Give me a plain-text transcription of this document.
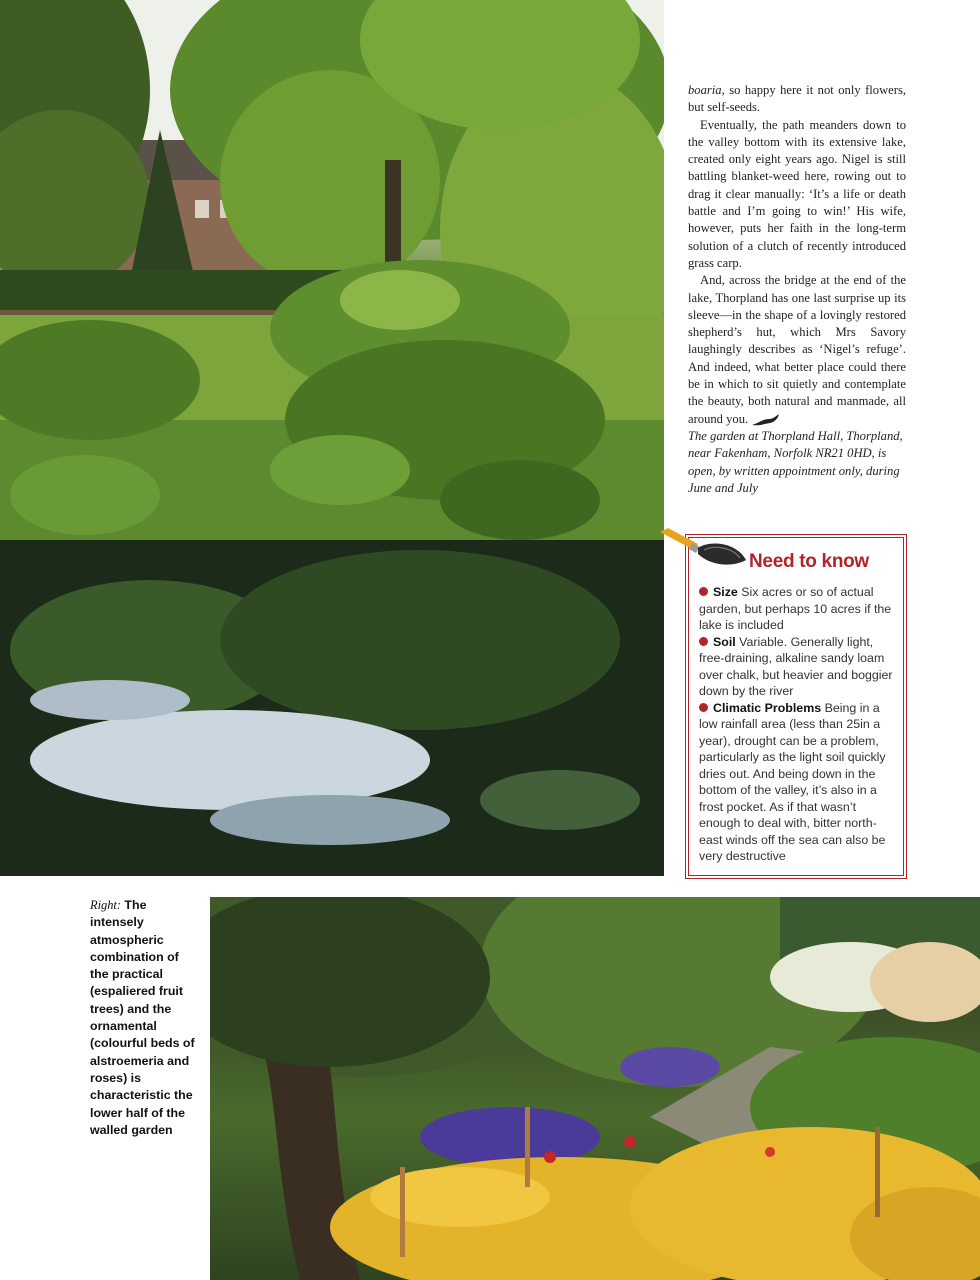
boaria, so happy here it not only flowers, but self-seeds.

Eventually, the path meanders down to the valley bottom with its extensive lake, created only eight years ago. Nigel is still battling blanket-weed here, rowing out to drag it clear manually: ‘It’s a life or death battle and I’m going to win!’ His wife, however, puts her faith in the long-term solution of a clutch of recently introduced grass carp.

And, across the bridge at the end of the lake, Thorpland has one last surprise up its sleeve—in the shape of a lovingly restored shepherd’s hut, which Mrs Savory laughingly describes as ‘Nigel’s refuge’. And indeed, what better place could there be in which to sit quietly and contemplate the beauty, both natural and manmade, all around you.

The garden at Thorpland Hall, Thorpland, near Fakenham, Norfolk NR21 0HD, is open, by written appointment only, during June and July

Need to know
Size Six acres or so of actual garden, but perhaps 10 acres if the lake is included
Soil Variable. Generally light, free-draining, alkaline sandy loam over chalk, but heavier and boggier down by the river
Climatic Problems Being in a low rainfall area (less than 25in a year), drought can be a problem, particularly as the light soil quickly dries out. And being down in the bottom of the valley, it’s also in a frost pocket. As if that wasn’t enough to deal with, bitter north-east winds off the sea can also be very destructive
Right: The intensely atmospheric combination of the practical (espaliered fruit trees) and the ornamental (colourful beds of alstroemeria and roses) is characteristic the lower half of the walled garden
